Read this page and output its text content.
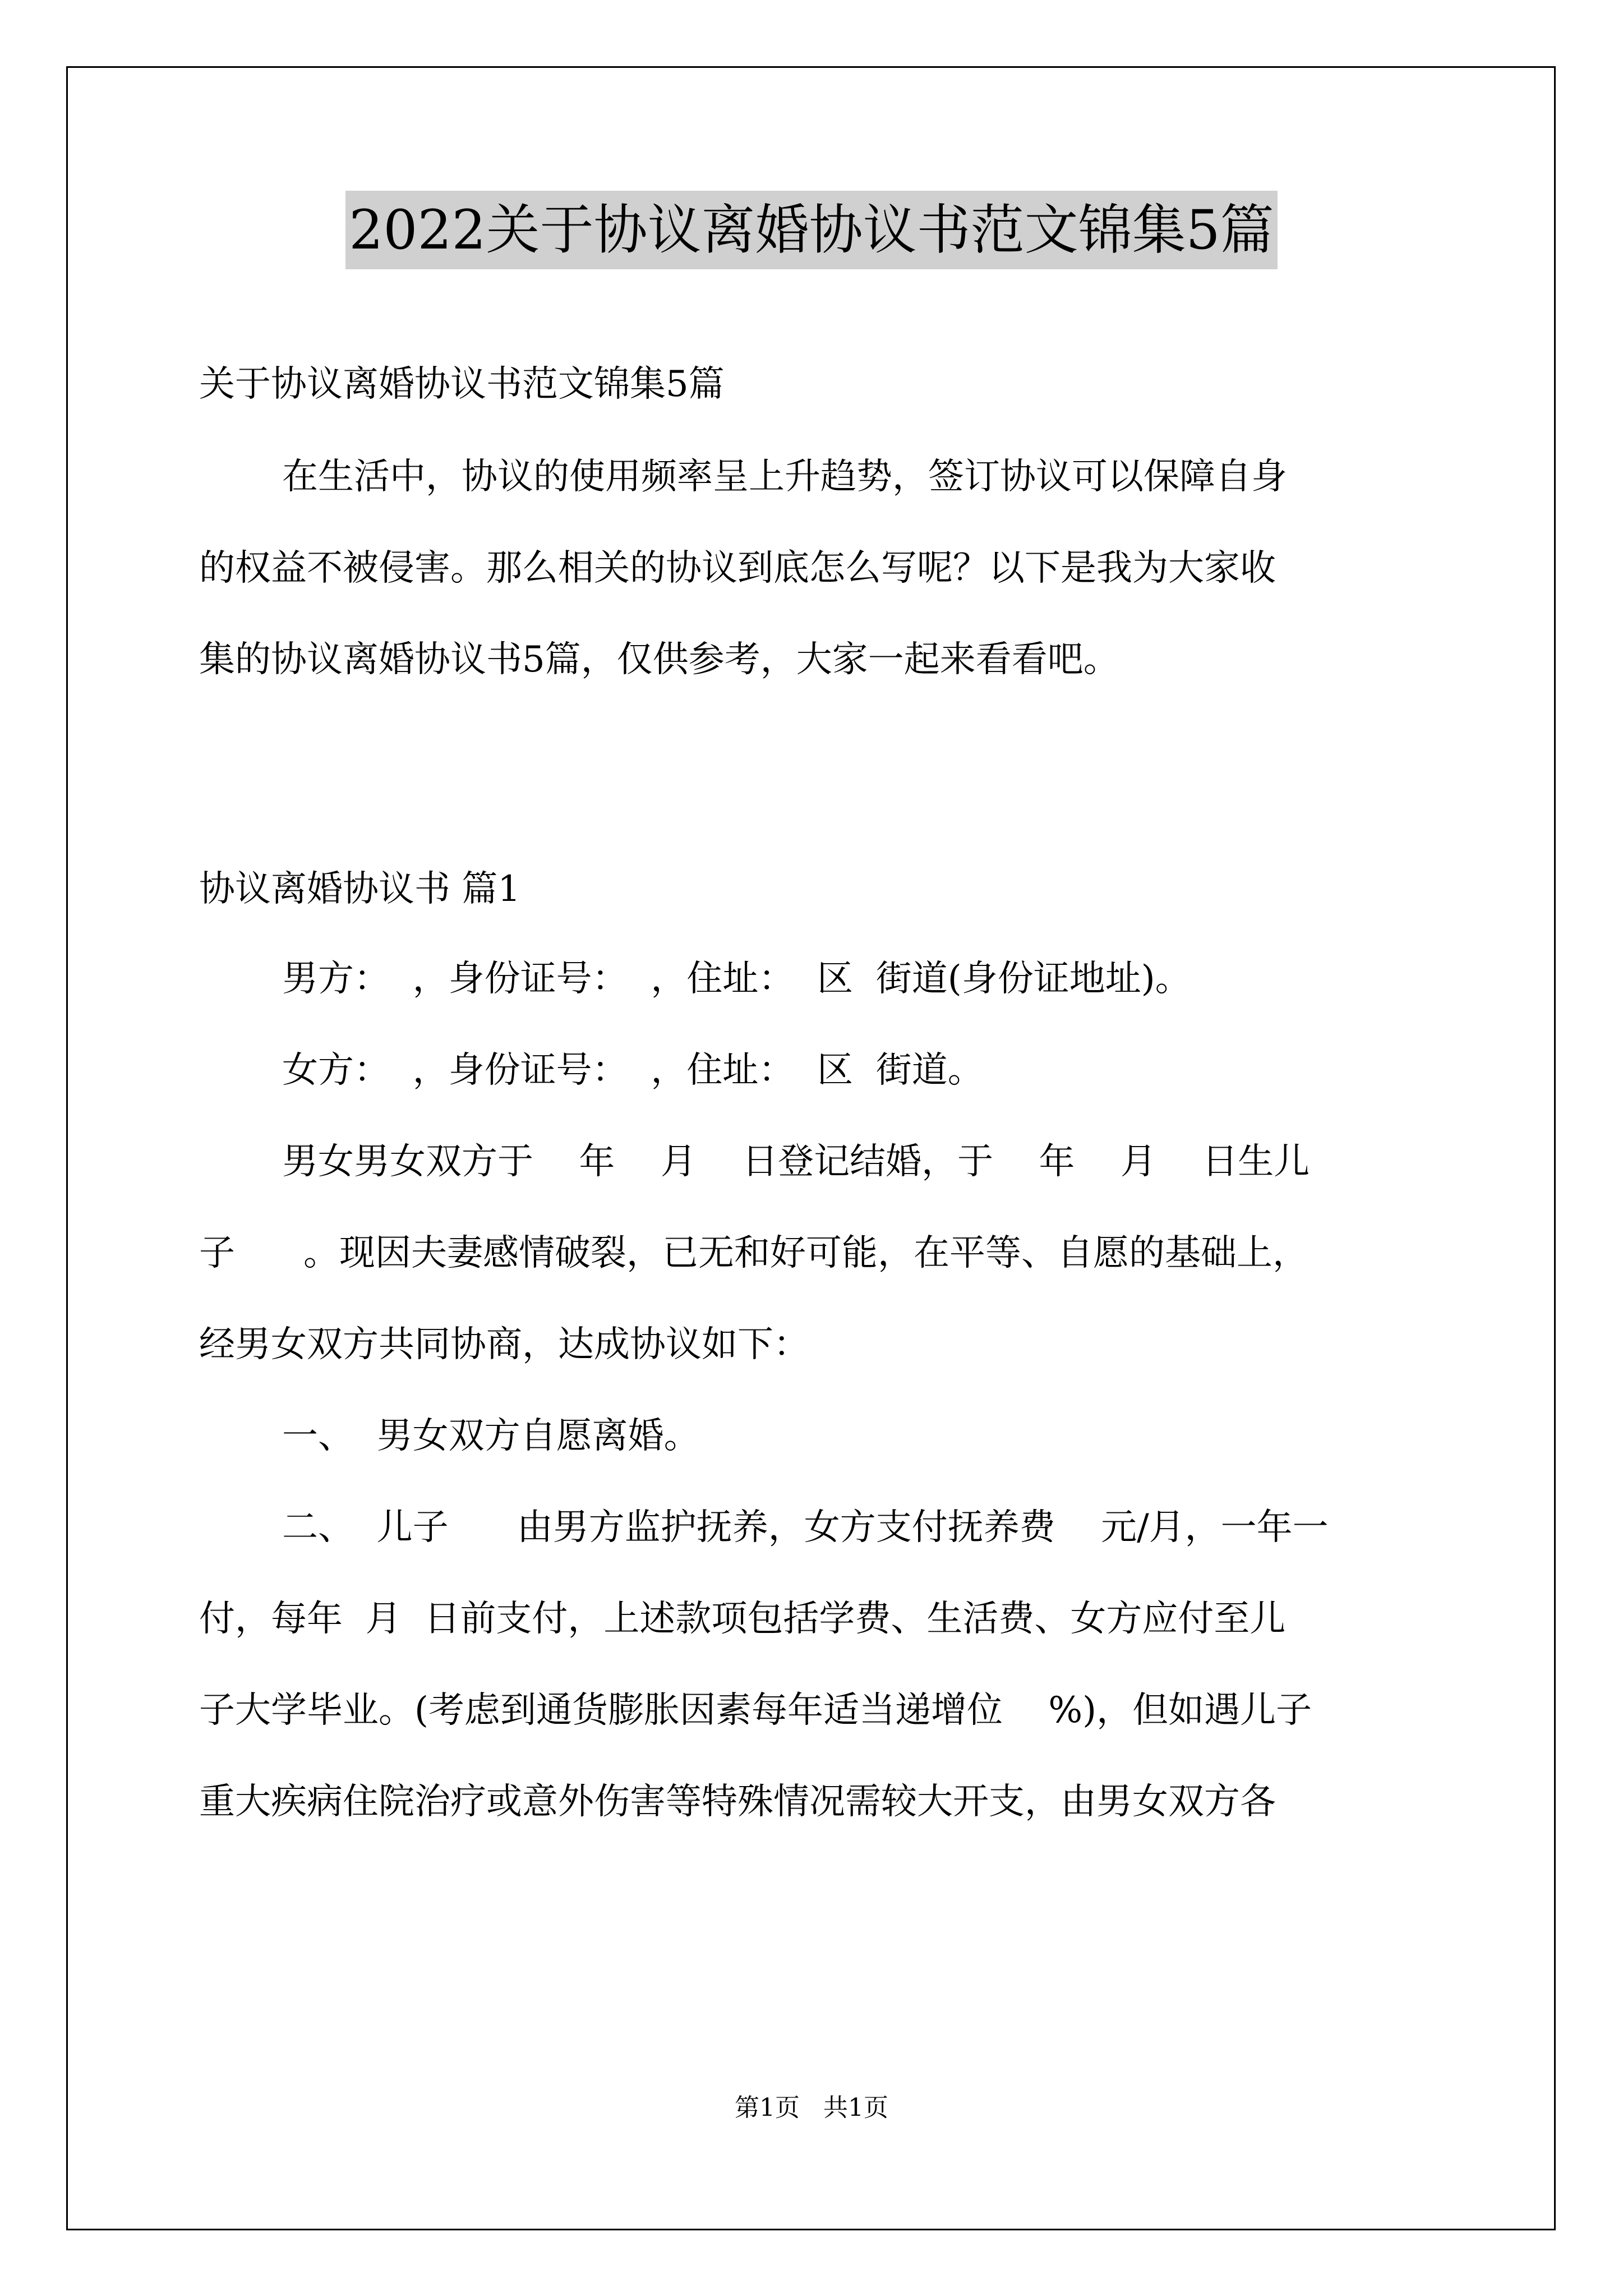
2022关于协议离婚协议书范文锦集5篇
关于协议离婚协议书范文锦集5篇
在生活中，协议的使用频率呈上升趋势，签订协议可以保障自身
的权益不被侵害。那么相关的协议到底怎么写呢？以下是我为大家收
集的协议离婚协议书5篇，仅供参考，大家一起来看看吧。
协议离婚协议书 篇1
男方：  ，身份证号：  ，住址：  区  街道(身份证地址)。
女方：  ，身份证号：  ，住址：  区  街道。
男女男女双方于    年    月    日登记结婚，于    年    月    日生儿
子      。现因夫妻感情破裂，已无和好可能，在平等、自愿的基础上，
经男女双方共同协商，达成协议如下：
一、  男女双方自愿离婚。
二、  儿子      由男方监护抚养，女方支付抚养费    元/月，一年一
付，每年  月  日前支付，上述款项包括学费、生活费、女方应付至儿
子大学毕业。(考虑到通货膨胀因素每年适当递增位    %)，但如遇儿子
重大疾病住院治疗或意外伤害等特殊情况需较大开支，由男女双方各
第1页   共1页
